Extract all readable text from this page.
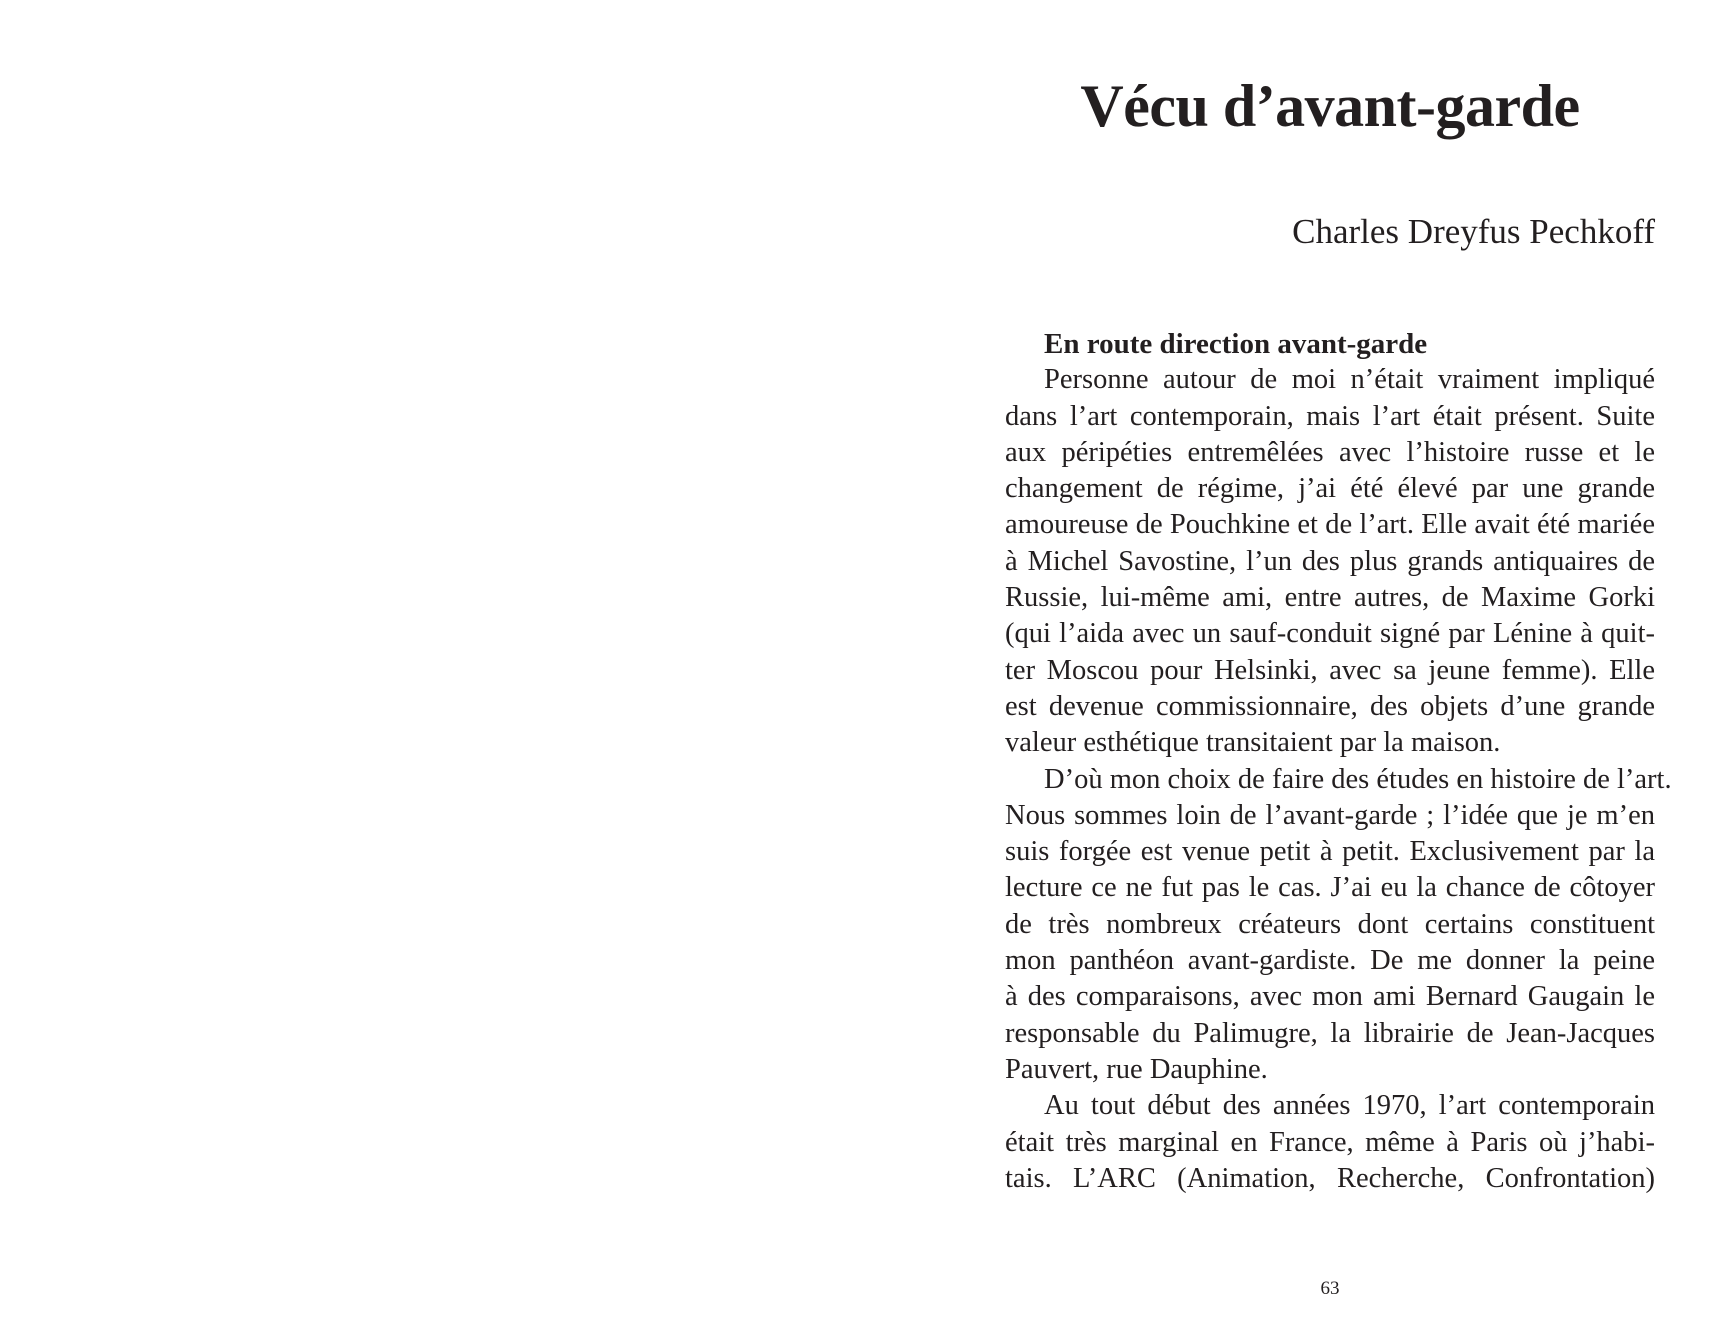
Vécu d’avant-garde
Charles Dreyfus Pechkoff
En route direction avant-garde
Personne autour de moi n’était vraiment impliqué
dans l’art contemporain, mais l’art était présent. Suite
aux péripéties entremêlées avec l’histoire russe et le
changement de régime, j’ai été élevé par une grande
amoureuse de Pouchkine et de l’art. Elle avait été mariée
à Michel Savostine, l’un des plus grands antiquaires de
Russie, lui-même ami, entre autres, de Maxime Gorki
(qui l’aida avec un sauf-conduit signé par Lénine à quit-
ter Moscou pour Helsinki, avec sa jeune femme). Elle
est devenue commissionnaire, des objets d’une grande
valeur esthétique transitaient par la maison.
D’où mon choix de faire des études en histoire de l’art.
Nous sommes loin de l’avant-garde ; l’idée que je m’en
suis forgée est venue petit à petit. Exclusivement par la
lecture ce ne fut pas le cas. J’ai eu la chance de côtoyer
de très nombreux créateurs dont certains constituent
mon panthéon avant-gardiste. De me donner la peine
à des comparaisons, avec mon ami Bernard Gaugain le
responsable du Palimugre, la librairie de Jean-Jacques
Pauvert, rue Dauphine.
Au tout début des années 1970, l’art contemporain
était très marginal en France, même à Paris où j’habi-
tais. L’ARC (Animation, Recherche, Confrontation)
63
